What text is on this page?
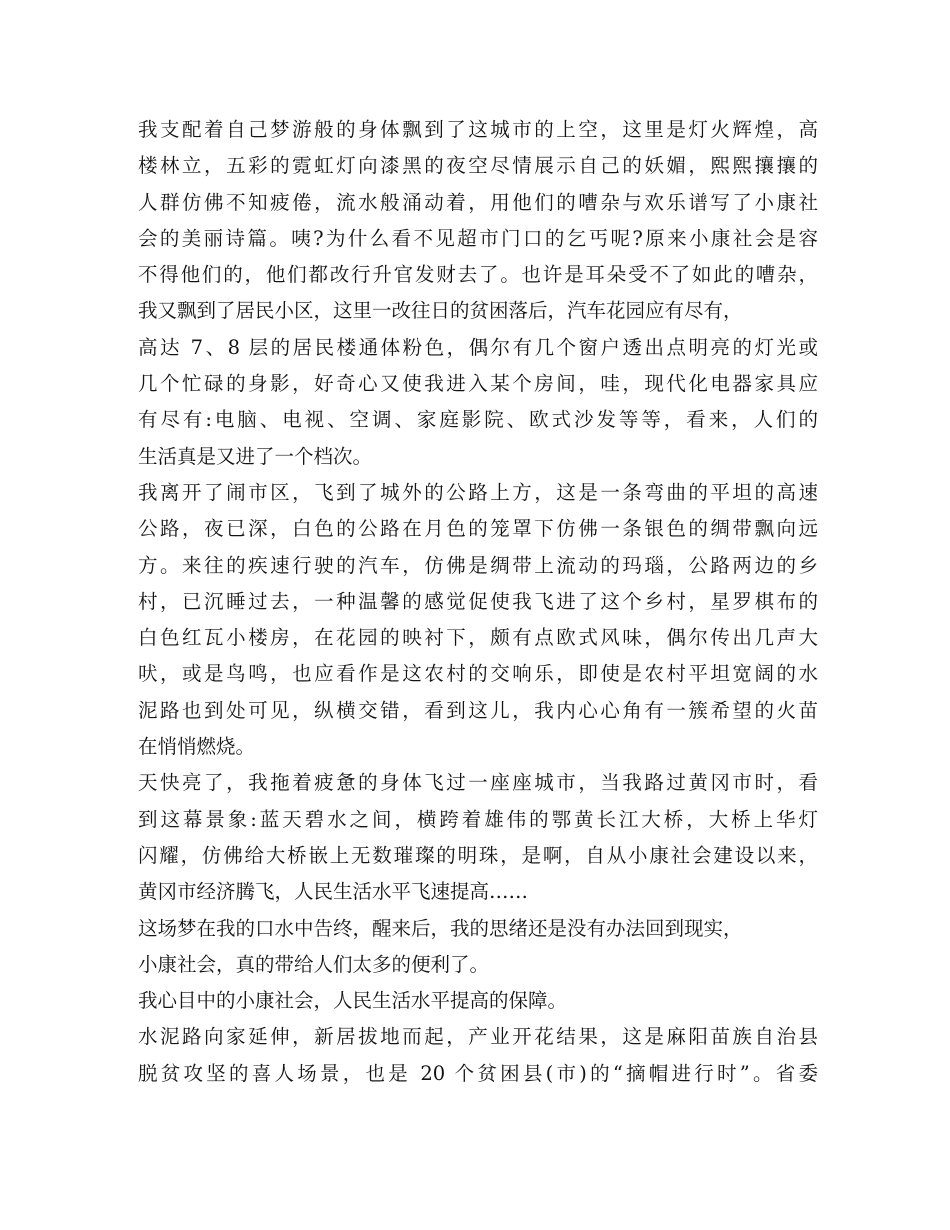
我支配着自己梦游般的身体飘到了这城市的上空，这里是灯火辉煌，高
楼林立，五彩的霓虹灯向漆黑的夜空尽情展示自己的妖媚，熙熙攘攘的
人群仿佛不知疲倦，流水般涌动着，用他们的嘈杂与欢乐谱写了小康社
会的美丽诗篇。咦?为什么看不见超市门口的乞丐呢?原来小康社会是容
不得他们的，他们都改行升官发财去了。也许是耳朵受不了如此的嘈杂，
我又飘到了居民小区，这里一改往日的贫困落后，汽车花园应有尽有，
高达 7、8 层的居民楼通体粉色，偶尔有几个窗户透出点明亮的灯光或
几个忙碌的身影，好奇心又使我进入某个房间，哇，现代化电器家具应
有尽有:电脑、电视、空调、家庭影院、欧式沙发等等，看来，人们的
生活真是又进了一个档次。
我离开了闹市区，飞到了城外的公路上方，这是一条弯曲的平坦的高速
公路，夜已深，白色的公路在月色的笼罩下仿佛一条银色的绸带飘向远
方。来往的疾速行驶的汽车，仿佛是绸带上流动的玛瑙，公路两边的乡
村，已沉睡过去，一种温馨的感觉促使我飞进了这个乡村，星罗棋布的
白色红瓦小楼房，在花园的映衬下，颇有点欧式风味，偶尔传出几声大
吠，或是鸟鸣，也应看作是这农村的交响乐，即使是农村平坦宽阔的水
泥路也到处可见，纵横交错，看到这儿，我内心心角有一簇希望的火苗
在悄悄燃烧。
天快亮了，我拖着疲惫的身体飞过一座座城市，当我路过黄冈市时，看
到这幕景象:蓝天碧水之间，横跨着雄伟的鄂黄长江大桥，大桥上华灯
闪耀，仿佛给大桥嵌上无数璀璨的明珠，是啊，自从小康社会建设以来，
黄冈市经济腾飞，人民生活水平飞速提高……
这场梦在我的口水中告终，醒来后，我的思绪还是没有办法回到现实，
小康社会，真的带给人们太多的便利了。
我心目中的小康社会，人民生活水平提高的保障。
水泥路向家延伸，新居拔地而起，产业开花结果，这是麻阳苗族自治县
脱贫攻坚的喜人场景，也是 20 个贫困县(市)的“摘帽进行时”。省委
